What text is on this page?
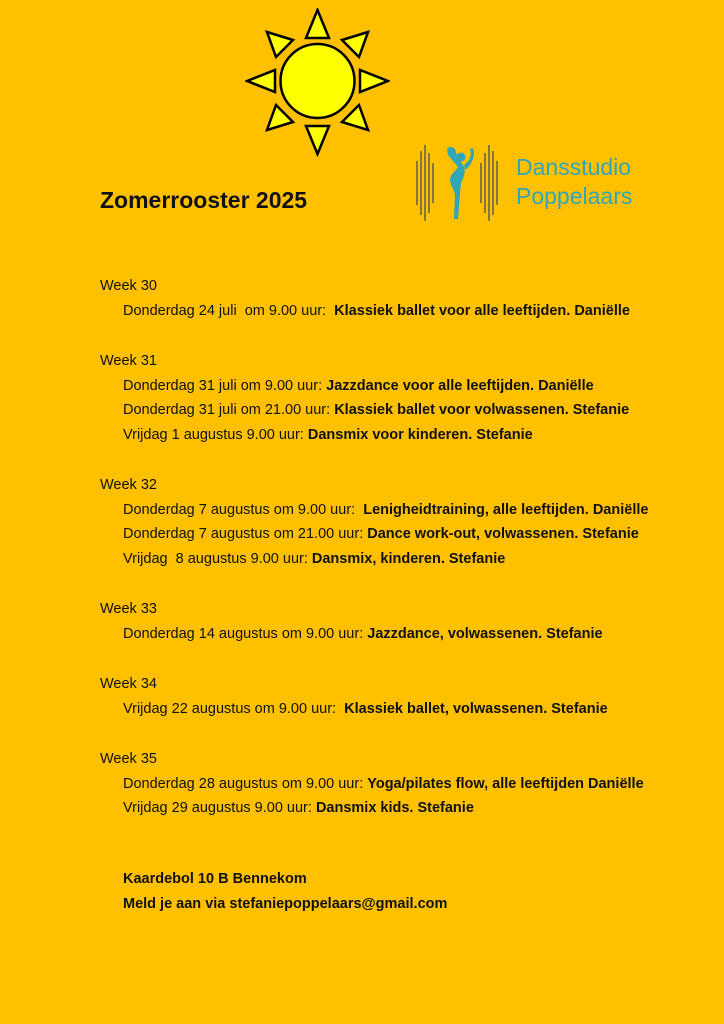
Dansstudio
Poppelaars
Zomerrooster 2025
Week 30
Donderdag 24 juli  om 9.00 uur:  Klassiek ballet voor alle leeftijden. Daniëlle
Week 31
Donderdag 31 juli om 9.00 uur: Jazzdance voor alle leeftijden. Daniëlle
Donderdag 31 juli om 21.00 uur: Klassiek ballet voor volwassenen. Stefanie
Vrijdag 1 augustus 9.00 uur: Dansmix voor kinderen. Stefanie
Week 32
Donderdag 7 augustus om 9.00 uur:  Lenigheidtraining, alle leeftijden. Daniëlle
Donderdag 7 augustus om 21.00 uur: Dance work-out, volwassenen. Stefanie
Vrijdag  8 augustus 9.00 uur: Dansmix, kinderen. Stefanie
Week 33
Donderdag 14 augustus om 9.00 uur: Jazzdance, volwassenen. Stefanie
Week 34
Vrijdag 22 augustus om 9.00 uur:  Klassiek ballet, volwassenen. Stefanie
Week 35
Donderdag 28 augustus om 9.00 uur: Yoga/pilates flow, alle leeftijden Daniëlle
Vrijdag 29 augustus 9.00 uur: Dansmix kids. Stefanie
Kaardebol 10 B Bennekom
Meld je aan via stefaniepoppelaars@gmail.com
